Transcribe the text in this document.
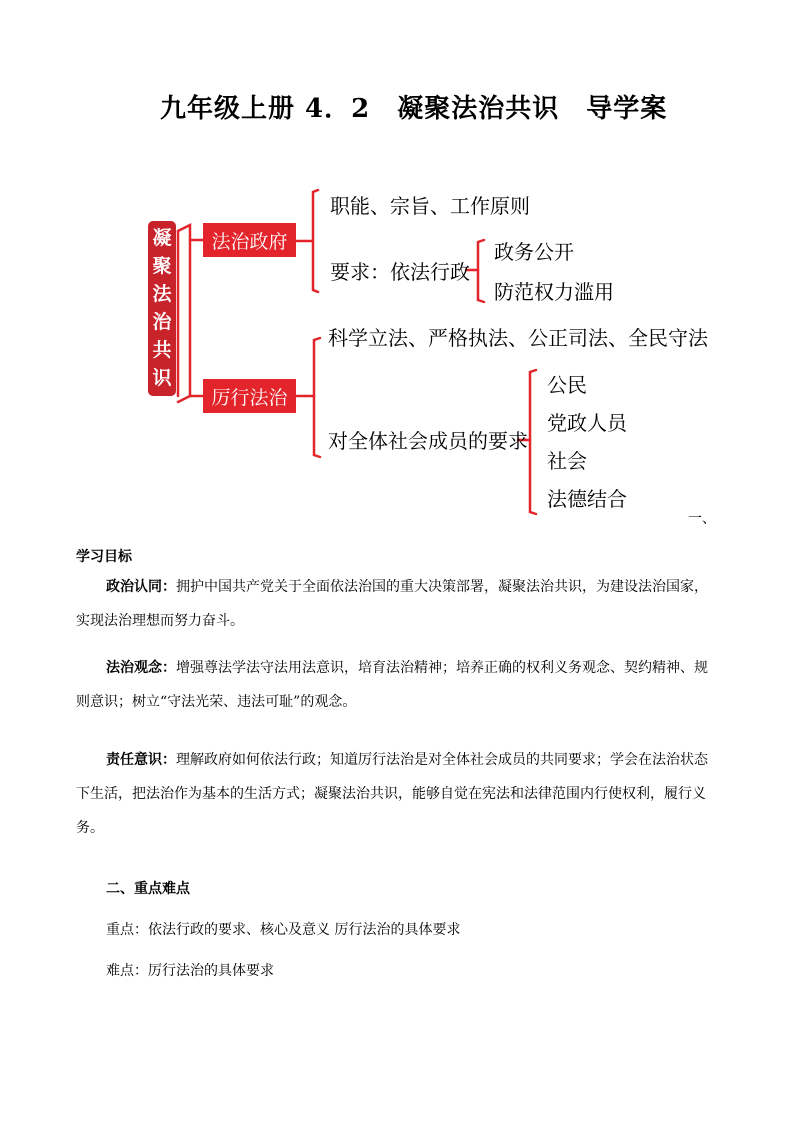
九年级上册 4．2　凝聚法治共识　导学案
凝
聚
法
治
共
识
法治政府
厉行法治
职能、宗旨、工作原则
要求：依法行政
政务公开
防范权力滥用
科学立法、严格执法、公正司法、全民守法
对全体社会成员的要求
公民
党政人员
社会
法德结合
一、
学习目标
政治认同：拥护中国共产党关于全面依法治国的重大决策部署，凝聚法治共识，为建设法治国家，实现法治理想而努力奋斗。
法治观念：增强尊法学法守法用法意识，培育法治精神；培养正确的权利义务观念、契约精神、规则意识；树立“守法光荣、违法可耻”的观念。
责任意识：理解政府如何依法行政；知道厉行法治是对全体社会成员的共同要求；学会在法治状态下生活，把法治作为基本的生活方式；凝聚法治共识，能够自觉在宪法和法律范围内行使权利，履行义务。
二、重点难点
重点：依法行政的要求、核心及意义 厉行法治的具体要求
难点：厉行法治的具体要求
